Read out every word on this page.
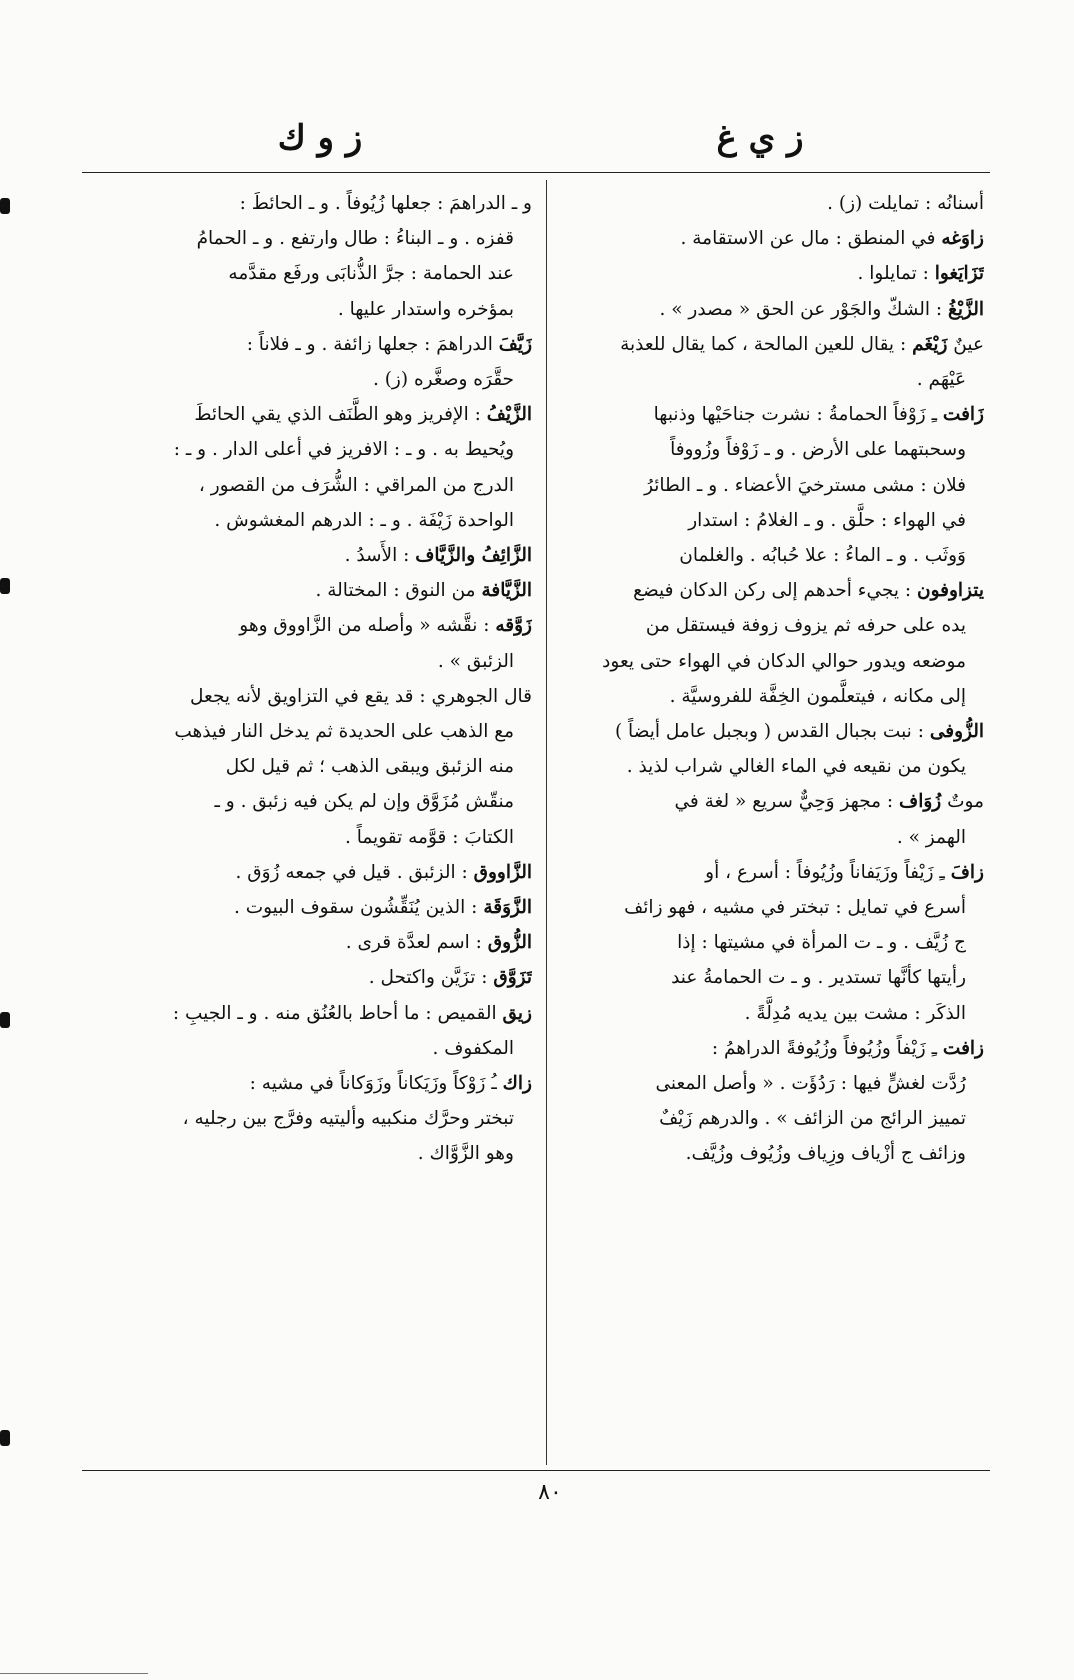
ز ي غ
ز و ك
أسنانُه : تمايلت (ز) .
زاوَغه في المنطق : مال عن الاستقامة .
تَزَايَغوا : تمايلوا .
الزَّيْغُ : الشكّ والجَوْر عن الحق « مصدر » .
عينٌ زَيْغَم : يقال للعين المالحة ، كما يقال للعذبة
عَيْهَم .
زَافت ـِ زَوْفاً الحمامةُ : نشرت جناحَيْها وذنبها
وسحبتهما على الأرض . و ـ زَوْفاً وزُووفاً
فلان : مشى مسترخيَ الأعضاء . و ـ الطائرُ
في الهواء : حلَّق . و ـ الغلامُ : استدار
وَوثَب . و ـ الماءُ : علا حُبابُه . والغلمان
يتزاوفون : يجيء أحدهم إلى ركن الدكان فيضع
يده على حرفه ثم يزوف زوفة فيستقل من
موضعه ويدور حوالي الدكان في الهواء حتى يعود
إلى مكانه ، فيتعلَّمون الخِفَّة للفروسيَّة .
الزُّوفى : نبت بجبال القدس ( وبجبل عامل أيضاً )
يكون من نقيعه في الماء الغالي شراب لذيذ .
موتٌ زُوَاف : مجهز وَحِيٌّ سريع « لغة في
الهمز » .
زافَ ـِ زَيْفاً وزَيَفاناً وزُيُوفاً : أسرع ، أو
أسرع في تمايل : تبختر في مشيه ، فهو زائف
ج زُيَّف . و ـ ت المرأة في مشيتها : إذا
رأيتها كأنَّها تستدير . و ـ ت الحمامةُ عند
الذكَر : مشت بين يديه مُدِلَّةً .
زافت ـِ زَيْفاً وزُيُوفاً وزُيُوفةً الدراهمُ :
رُدَّت لغشٍّ فيها : رَدُؤَت . « وأصل المعنى
تمييز الرائج من الزائف » . والدرهم زَيْفٌ
وزائف ج أزْياف وزِياف وزُيُوف وزُيَّف.
و ـ الدراهمَ : جعلها زُيُوفاً . و ـ الحائطَ :
قفزه . و ـ البناءُ : طال وارتفع . و ـ الحمامُ
عند الحمامة : جرَّ الذُّنابَى ورفَع مقدَّمه
بمؤخره واستدار عليها .
زَيَّفَ الدراهمَ : جعلها زائفة . و ـ فلاناً :
حقَّرَه وصغَّره (ز) .
الزَّيْفُ : الإفريز وهو الطَّنَف الذي يقي الحائطَ
ويُحيط به . و ـ : الافريز في أعلى الدار . و ـ :
الدرج من المراقي : الشُّرَف من القصور ،
الواحدة زَيْفَة . و ـ : الدرهم المغشوش .
الزَّائِفُ والزَّيَّاف : الأَسدُ .
الزَّيَّافة من النوق : المختالة .
زَوَّقه : نقَّشه « وأصله من الزَّاووق وهو
الزئبق » .
قال الجوهري : قد يقع في التزاويق لأنه يجعل
مع الذهب على الحديدة ثم يدخل النار فيذهب
منه الزئبق ويبقى الذهب ؛ ثم قيل لكل
منقّش مُزَوَّق وإن لم يكن فيه زئبق . و ـ
الكتابَ : قوَّمه تقويماً .
الزَّاووق : الزئبق . قيل في جمعه زُوَق .
الزَّوَقَة : الذين يُنَقِّشُون سقوف البيوت .
الزُّوق : اسم لعدَّة قرى .
تَزَوَّق : تزَيَّن واكتحل .
زيق القميص : ما أحاط بالعُنُق منه . و ـ الجيبِ :
المكفوف .
زاك ـُ زَوْكاً وزَيَكاناً وزَوَكاناً في مشيه :
تبختر وحرَّك منكبيه وأليتيه وفرَّج بين رجليه ،
وهو الزَّوَّاك .
٨٠
